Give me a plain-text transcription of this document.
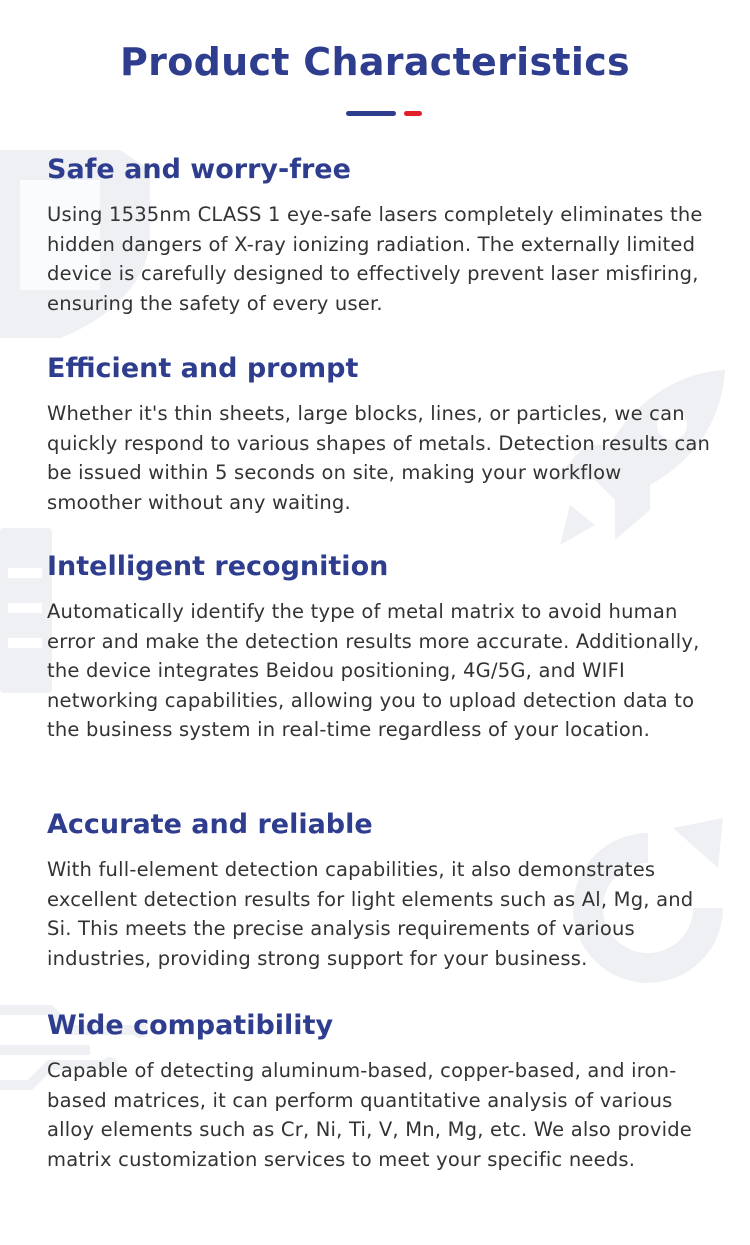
Product Characteristics
Safe and worry-free

Using 1535nm CLASS 1 eye-safe lasers completely eliminates the hidden dangers of X-ray ionizing radiation. The externally limited device is carefully designed to effectively prevent laser misfiring, ensuring the safety of every user.

Efficient and prompt

Whether it's thin sheets, large blocks, lines, or particles, we can quickly respond to various shapes of metals. Detection results can be issued within 5 seconds on site, making your workflow smoother without any waiting.

Intelligent recognition

Automatically identify the type of metal matrix to avoid human error and make the detection results more accurate. Additionally, the device integrates Beidou positioning, 4G/5G, and WIFI networking capabilities, allowing you to upload detection data to the business system in real-time regardless of your location.

Accurate and reliable

With full-element detection capabilities, it also demonstrates excellent detection results for light elements such as Al, Mg, and Si. This meets the precise analysis requirements of various industries, providing strong support for your business.

Wide compatibility

Capable of detecting aluminum-based, copper-based, and iron-based matrices, it can perform quantitative analysis of various alloy elements such as Cr, Ni, Ti, V, Mn, Mg, etc. We also provide matrix customization services to meet your specific needs.
